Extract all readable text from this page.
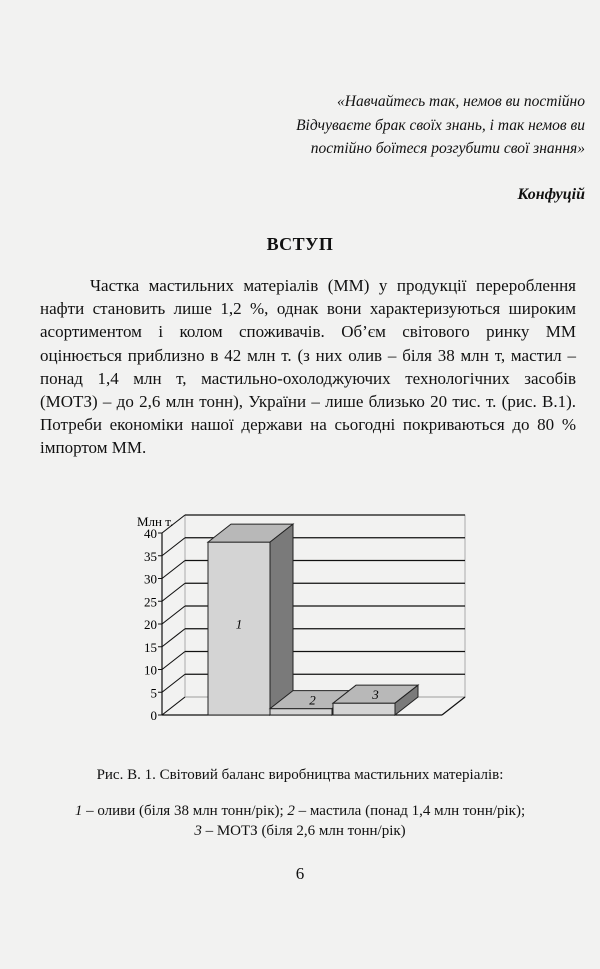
«Навчайтесь так, немов ви постійно
Відчуваєте брак своїх знань, і так немов ви
постійно боїтеся розгубити свої знання»
Конфуцій
ВСТУП
Частка мастильних матеріалів (ММ) у продукції перероблення нафти становить лише 1,2 %, однак вони характеризуються широким асортиментом і колом споживачів. Об’єм світового ринку ММ оцінюється приблизно в 42 млн т. (з них олив – біля 38 млн т, мастил – понад 1,4 млн т, мастильно-охолоджуючих технологічних засобів (МОТЗ) – до 2,6 млн тонн), України – лише близько 20 тис. т. (рис. В.1). Потреби економіки нашої держави на сьогодні покриваються до 80 % імпортом ММ.
0
5
10
15
20
25
30
35
40
Млн т.
1
2	3

Рис. В. 1. Світовий баланс виробництва мастильних матеріалів:

1 – оливи (біля 38 млн тонн/рік); 2 – мастила (понад 1,4 млн тонн/рік);
3 – МОТЗ (біля 2,6 млн тонн/рік)
6
